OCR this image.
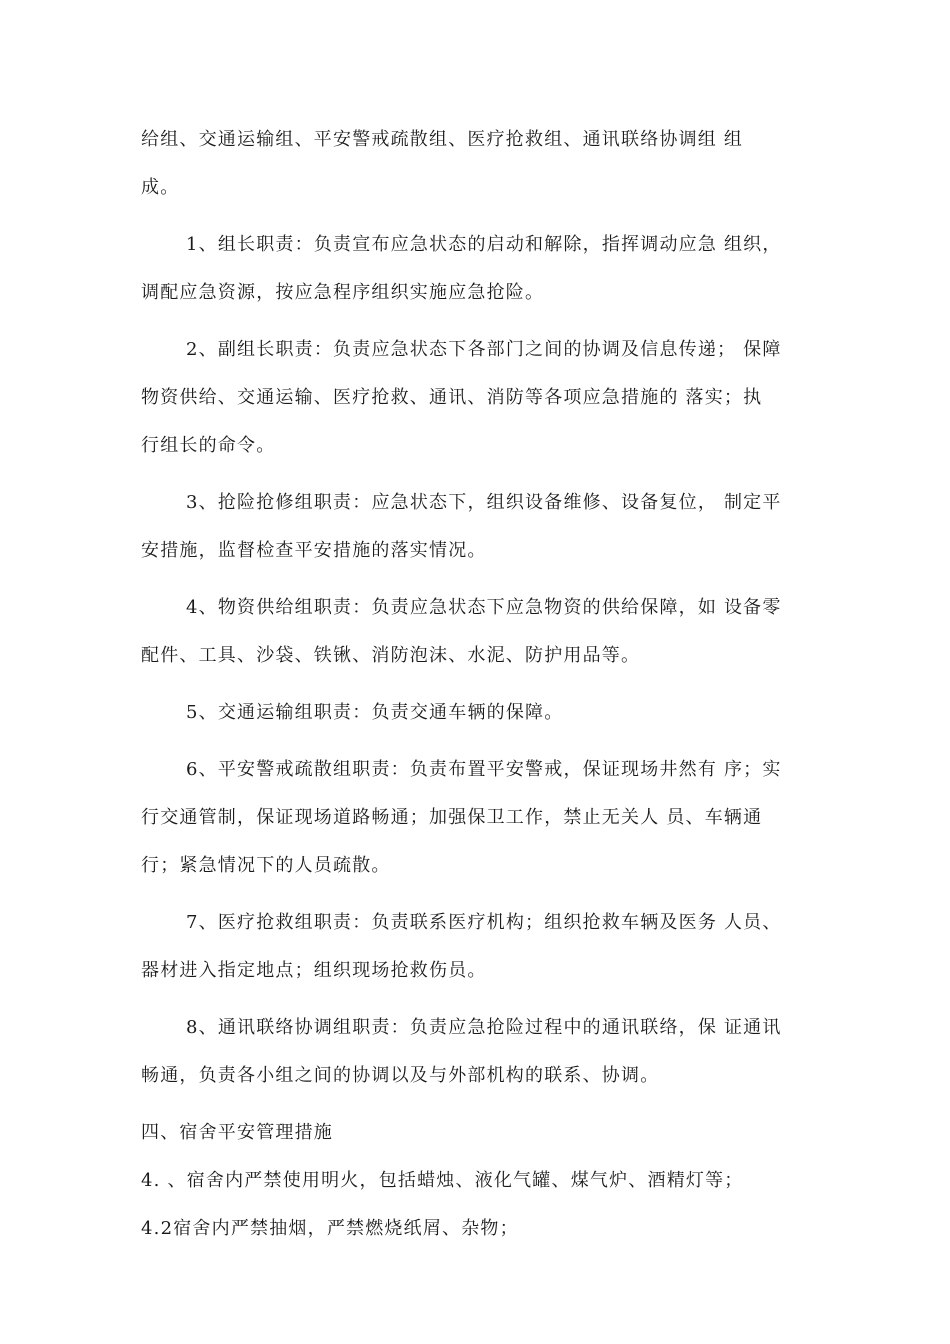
给组、交通运输组、平安警戒疏散组、医疗抢救组、通讯联络协调组 组
成。

1、组长职责：负责宣布应急状态的启动和解除，指挥调动应急 组织，
调配应急资源，按应急程序组织实施应急抢险。

2、副组长职责：负责应急状态下各部门之间的协调及信息传递； 保障
物资供给、交通运输、医疗抢救、通讯、消防等各项应急措施的 落实；执
行组长的命令。

3、抢险抢修组职责：应急状态下，组织设备维修、设备复位， 制定平
安措施，监督检查平安措施的落实情况。

4、物资供给组职责：负责应急状态下应急物资的供给保障，如 设备零
配件、工具、沙袋、铁锹、消防泡沫、水泥、防护用品等。

5、交通运输组职责：负责交通车辆的保障。

6、平安警戒疏散组职责：负责布置平安警戒，保证现场井然有 序；实
行交通管制，保证现场道路畅通；加强保卫工作，禁止无关人 员、车辆通
行；紧急情况下的人员疏散。

7、医疗抢救组职责：负责联系医疗机构；组织抢救车辆及医务 人员、
器材进入指定地点；组织现场抢救伤员。

8、通讯联络协调组职责：负责应急抢险过程中的通讯联络，保 证通讯
畅通，负责各小组之间的协调以及与外部机构的联系、协调。

四、宿舍平安管理措施

4. 、宿舍内严禁使用明火，包括蜡烛、液化气罐、煤气炉、酒精灯等；

4.2宿舍内严禁抽烟，严禁燃烧纸屑、杂物；
